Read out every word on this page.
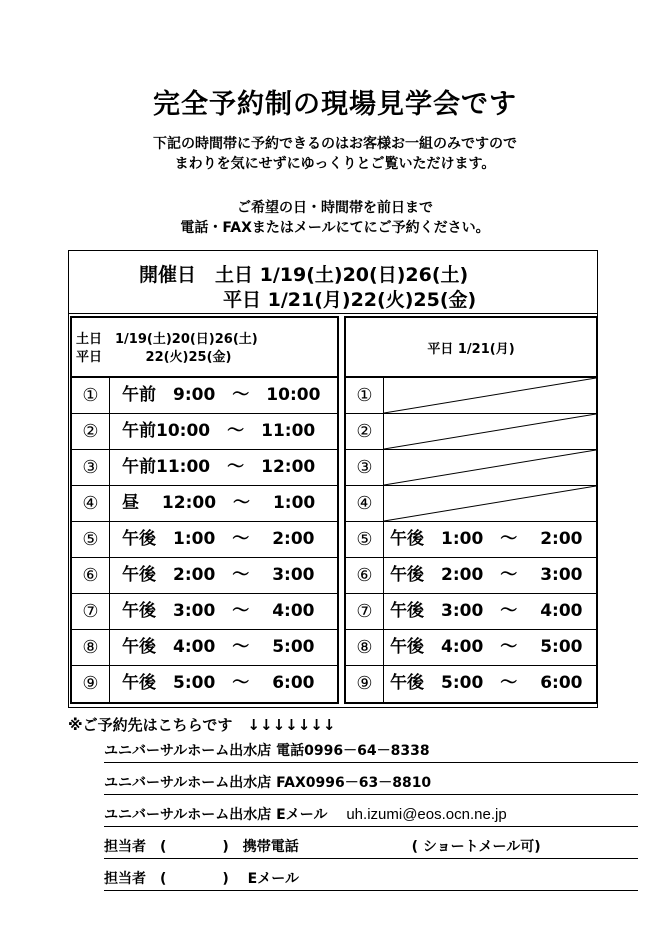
完全予約制の現場見学会です
下記の時間帯に予約できるのはお客様お一組のみですので
まわりを気にせずにゆっくりとご覧いただけます。
ご希望の日・時間帯を前日まで
電話・FAXまたはメールにてにご予約ください。
開催日　土日 1/19(土)20(日)26(土)
平日 1/21(月)22(火)25(金)
土日　1/19(土)20(日)26(土)
平日　　　 22(火)25(金)
①	午前　9:00　～　10:00
②	午前10:00　～　11:00
③	午前11:00　～　12:00
④	昼　 12:00　～　 1:00
⑤	午後　1:00　～　 2:00
⑥	午後　2:00　～　 3:00
⑦	午後　3:00　～　 4:00
⑧	午後　4:00　～　 5:00
⑨	午後　5:00　～　 6:00
平日 1/21(月)
①
②
③
④
⑤	午後　1:00　～　 2:00
⑥	午後　2:00　～　 3:00
⑦	午後　3:00　～　 4:00
⑧	午後　4:00　～　 5:00
⑨	午後　5:00　～　 6:00
※ご予約先はこちらです　↓↓↓↓↓↓↓
ユニバーサルホーム出水店 電話0996－64－8338
ユニバーサルホーム出水店 FAX0996－63－8810
ユニバーサルホーム出水店 Eメール uh.izumi@eos.ocn.ne.jp
担当者　(　　　　)　携帯電話	( ショートメール可)
担当者　(　　　　)　 Eメール
